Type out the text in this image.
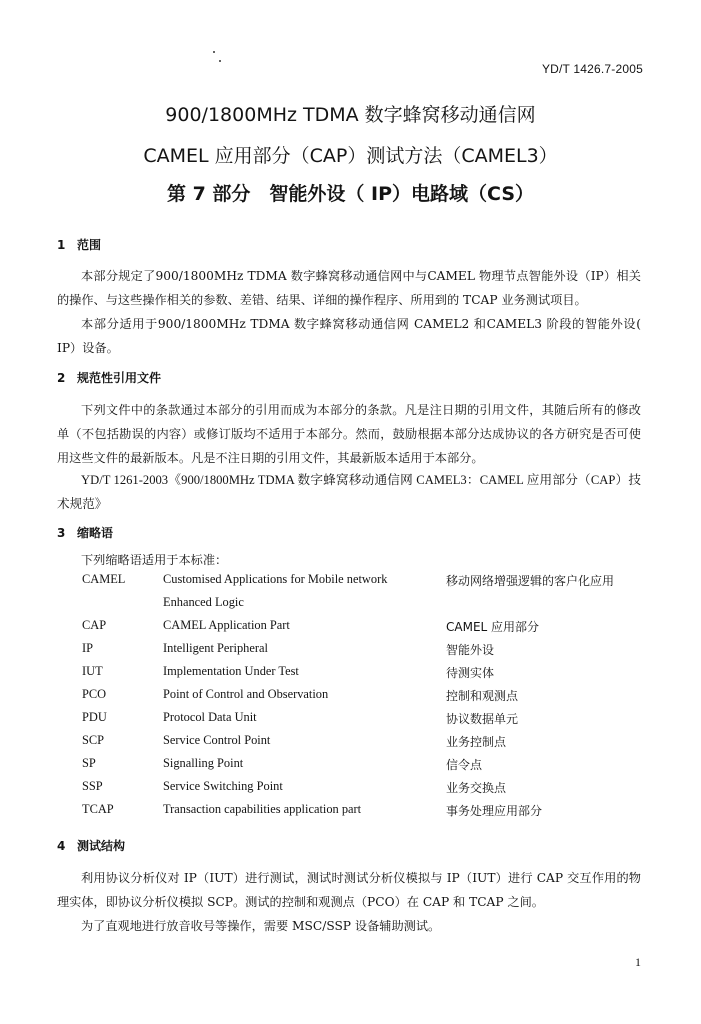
YD/T 1426.7-2005
900/1800MHz TDMA 数字蜂窝移动通信网
CAMEL 应用部分（CAP）测试方法（CAMEL3）
第 7 部分　智能外设（ IP）电路域（CS）
1 范围

本部分规定了900/1800MHz TDMA 数字蜂窝移动通信网中与CAMEL 物理节点智能外设（IP）相关的操作、与这些操作相关的参数、差错、结果、详细的操作程序、所用到的 TCAP 业务测试项目。

本部分适用于900/1800MHz TDMA 数字蜂窝移动通信网 CAMEL2 和CAMEL3 阶段的智能外设( IP）设备。

2 规范性引用文件

下列文件中的条款通过本部分的引用而成为本部分的条款。凡是注日期的引用文件，其随后所有的修改单（不包括勘误的内容）或修订版均不适用于本部分。然而，鼓励根据本部分达成协议的各方研究是否可使用这些文件的最新版本。凡是不注日期的引用文件，其最新版本适用于本部分。

YD/T 1261-2003《900/1800MHz TDMA 数字蜂窝移动通信网 CAMEL3：CAMEL 应用部分（CAP）技术规范》

3 缩略语
下列缩略语适用于本标准：
CAMEL	Customised Applications for Mobile network	移动网络增强逻辑的客户化应用
Enhanced Logic
CAP	CAMEL Application Part	CAMEL 应用部分
IP	Intelligent Peripheral	智能外设
IUT	Implementation Under Test	待测实体
PCO	Point of Control and Observation	控制和观测点
PDU	Protocol Data Unit	协议数据单元
SCP	Service Control Point	业务控制点
SP	Signalling Point	信令点
SSP	Service Switching Point	业务交换点
TCAP	Transaction capabilities application part	事务处理应用部分
4 测试结构

利用协议分析仪对 IP（IUT）进行测试，测试时测试分析仪模拟与 IP（IUT）进行 CAP 交互作用的物理实体，即协议分析仪模拟 SCP。测试的控制和观测点（PCO）在 CAP 和 TCAP 之间。

为了直观地进行放音收号等操作，需要 MSC/SSP 设备辅助测试。

1
